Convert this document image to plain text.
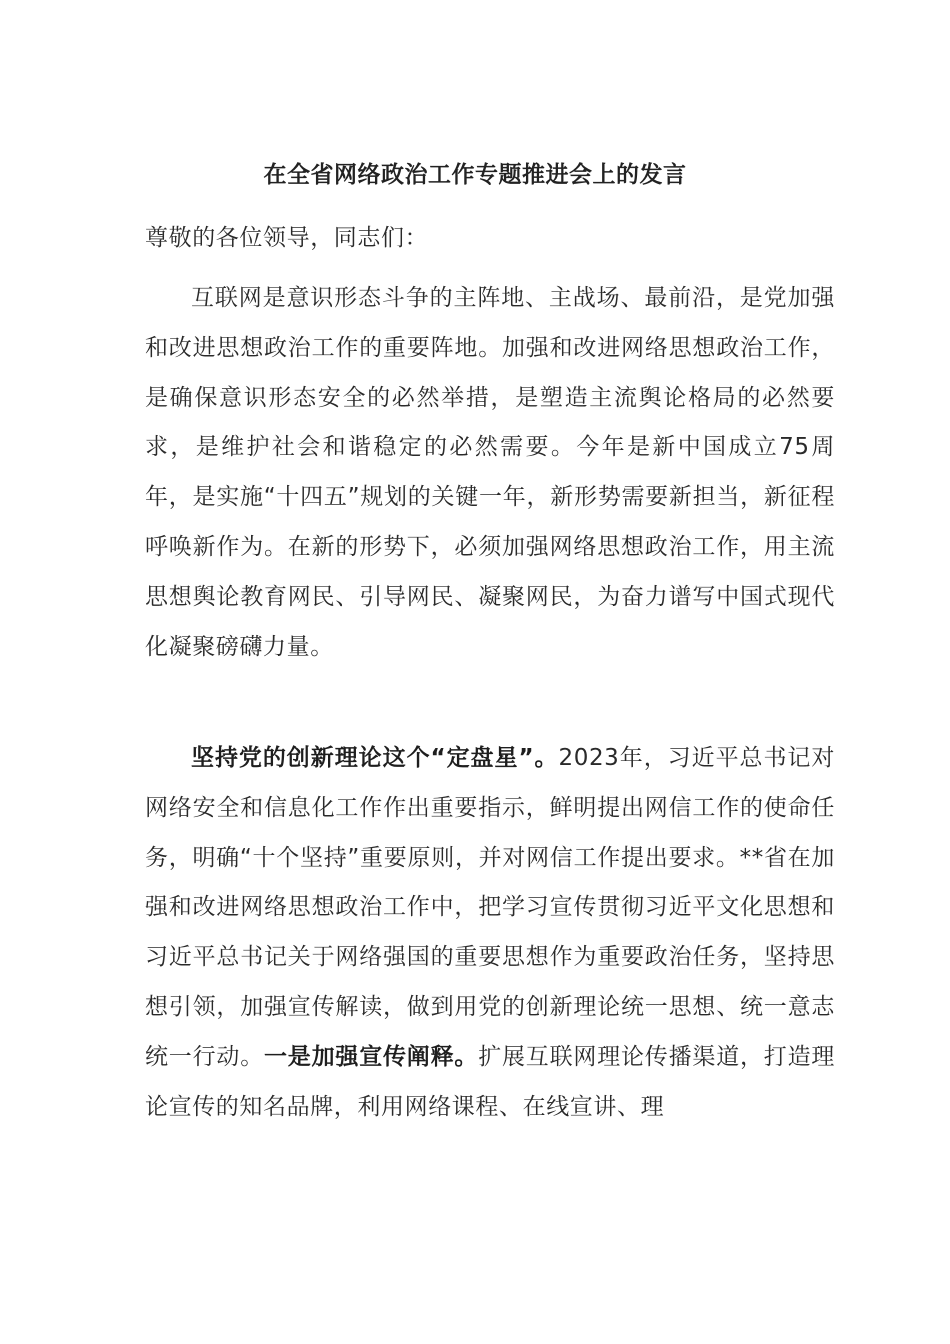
在全省网络政治工作专题推进会上的发言
尊敬的各位领导，同志们：
互联网是意识形态斗争的主阵地、主战场、最前沿，是党加强和改进思想政治工作的重要阵地。加强和改进网络思想政治工作，是确保意识形态安全的必然举措，是塑造主流舆论格局的必然要求，是维护社会和谐稳定的必然需要。今年是新中国成立75周年，是实施“十四五”规划的关键一年，新形势需要新担当，新征程呼唤新作为。在新的形势下，必须加强网络思想政治工作，用主流思想舆论教育网民、引导网民、凝聚网民，为奋力谱写中国式现代化凝聚磅礴力量。
坚持党的创新理论这个“定盘星”。2023年，习近平总书记对网络安全和信息化工作作出重要指示，鲜明提出网信工作的使命任务，明确“十个坚持”重要原则，并对网信工作提出要求。**省在加强和改进网络思想政治工作中，把学习宣传贯彻习近平文化思想和习近平总书记关于网络强国的重要思想作为重要政治任务，坚持思想引领，加强宣传解读，做到用党的创新理论统一思想、统一意志统一行动。一是加强宣传阐释。扩展互联网理论传播渠道，打造理论宣传的知名品牌，利用网络课程、在线宣讲、理
